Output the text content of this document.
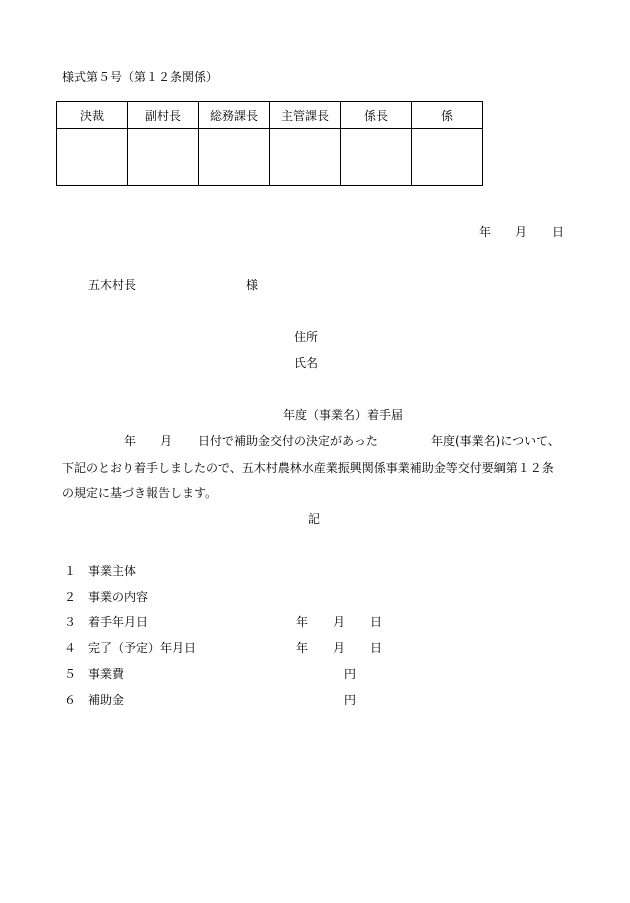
様式第５号（第１２条関係）
決裁	副村長	総務課長	主管課長	係長	係

年 月 日
五木村長	様
住所
氏名
年度（事業名）着手届
年 月 日付で補助金交付の決定があった	年度(事業名)について、
下記のとおり着手しましたので、五木村農林水産業振興関係事業補助金等交付要綱第１２条
の規定に基づき報告します。
記
１ 事業主体
２ 事業の内容
３ 着手年月日	年 月 日
４ 完了（予定）年月日	年 月 日
５ 事業費	円
６ 補助金	円
